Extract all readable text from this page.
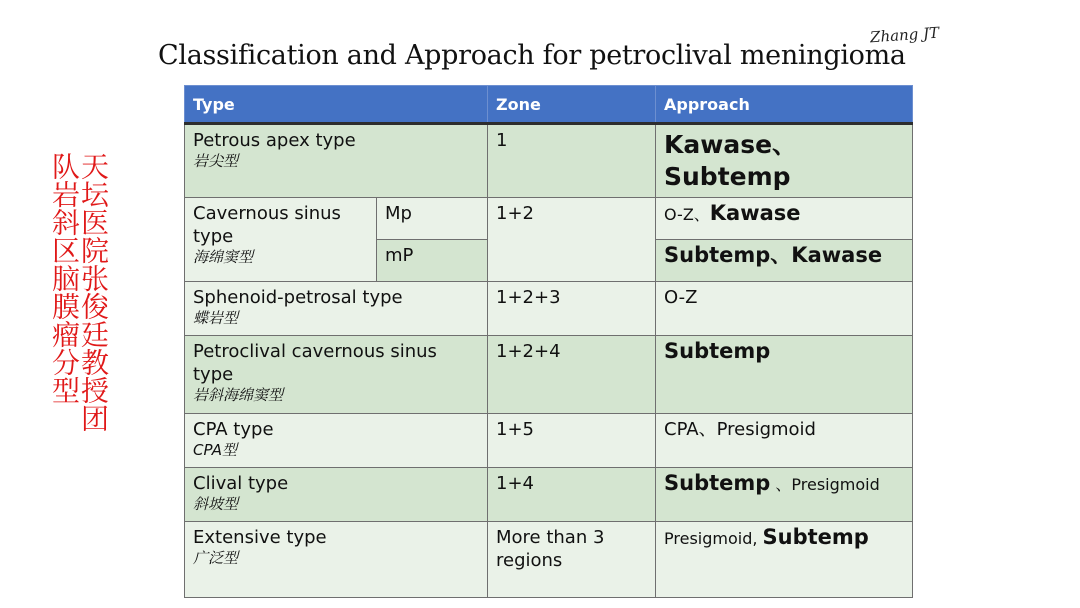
Zhang JT
Classification and Approach for petroclival meningioma
天坛医院张俊廷教授团
队岩斜区脑膜瘤分型
Type		Zone	Approach
Petrous apex type
岩尖型		1	Kawase、
Subtemp
Cavernous sinus type
海绵窦型	Mp	1+2	O-Z、Kawase
	mP		Subtemp、Kawase
Sphenoid-petrosal type
蝶岩型		1+2+3	O-Z
Petroclival cavernous sinus type
岩斜海绵窦型		1+2+4	Subtemp
CPA type
CPA型		1+5	CPA、Presigmoid
Clival type
斜坡型		1+4	Subtemp 、Presigmoid
Extensive type
广泛型		More than 3 regions	Presigmoid, Subtemp
